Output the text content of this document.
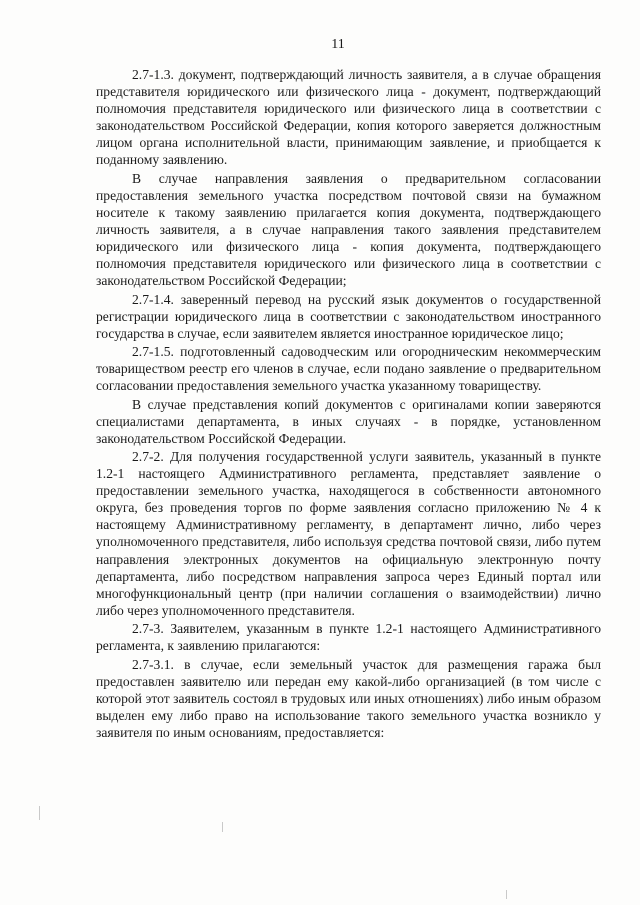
11

2.7-1.3. документ, подтверждающий личность заявителя, а в случае обращения представителя юридического или физического лица - документ, подтверждающий полномочия представителя юридического или физического лица в соответствии с законодательством Российской Федерации, копия которого заверяется должностным лицом органа исполнительной власти, принимающим заявление, и приобщается к поданному заявлению.

В случае направления заявления о предварительном согласовании предоставления земельного участка посредством почтовой связи на бумажном носителе к такому заявлению прилагается копия документа, подтверждающего личность заявителя, а в случае направления такого заявления представителем юридического или физического лица - копия документа, подтверждающего полномочия представителя юридического или физического лица в соответствии с законодательством Российской Федерации;

2.7-1.4. заверенный перевод на русский язык документов о государственной регистрации юридического лица в соответствии с законодательством иностранного государства в случае, если заявителем является иностранное юридическое лицо;

2.7-1.5. подготовленный садоводческим или огородническим некоммерческим товариществом реестр его членов в случае, если подано заявление о предварительном согласовании предоставления земельного участка указанному товариществу.

В случае представления копий документов с оригиналами копии заверяются специалистами департамента, в иных случаях - в порядке, установленном законодательством Российской Федерации.

2.7-2. Для получения государственной услуги заявитель, указанный в пункте 1.2-1 настоящего Административного регламента, представляет заявление о предоставлении земельного участка, находящегося в собственности автономного округа, без проведения торгов по форме заявления согласно приложению № 4 к настоящему Административному регламенту, в департамент лично, либо через уполномоченного представителя, либо используя средства почтовой связи, либо путем направления электронных документов на официальную электронную почту департамента, либо посредством направления запроса через Единый портал или многофункциональный центр (при наличии соглашения о взаимодействии) лично либо через уполномоченного представителя.

2.7-3. Заявителем, указанным в пункте 1.2-1 настоящего Административного регламента, к заявлению прилагаются:

2.7-3.1. в случае, если земельный участок для размещения гаража был предоставлен заявителю или передан ему какой-либо организацией (в том числе с которой этот заявитель состоял в трудовых или иных отношениях) либо иным образом выделен ему либо право на использование такого земельного участка возникло у заявителя по иным основаниям, предоставляется:
